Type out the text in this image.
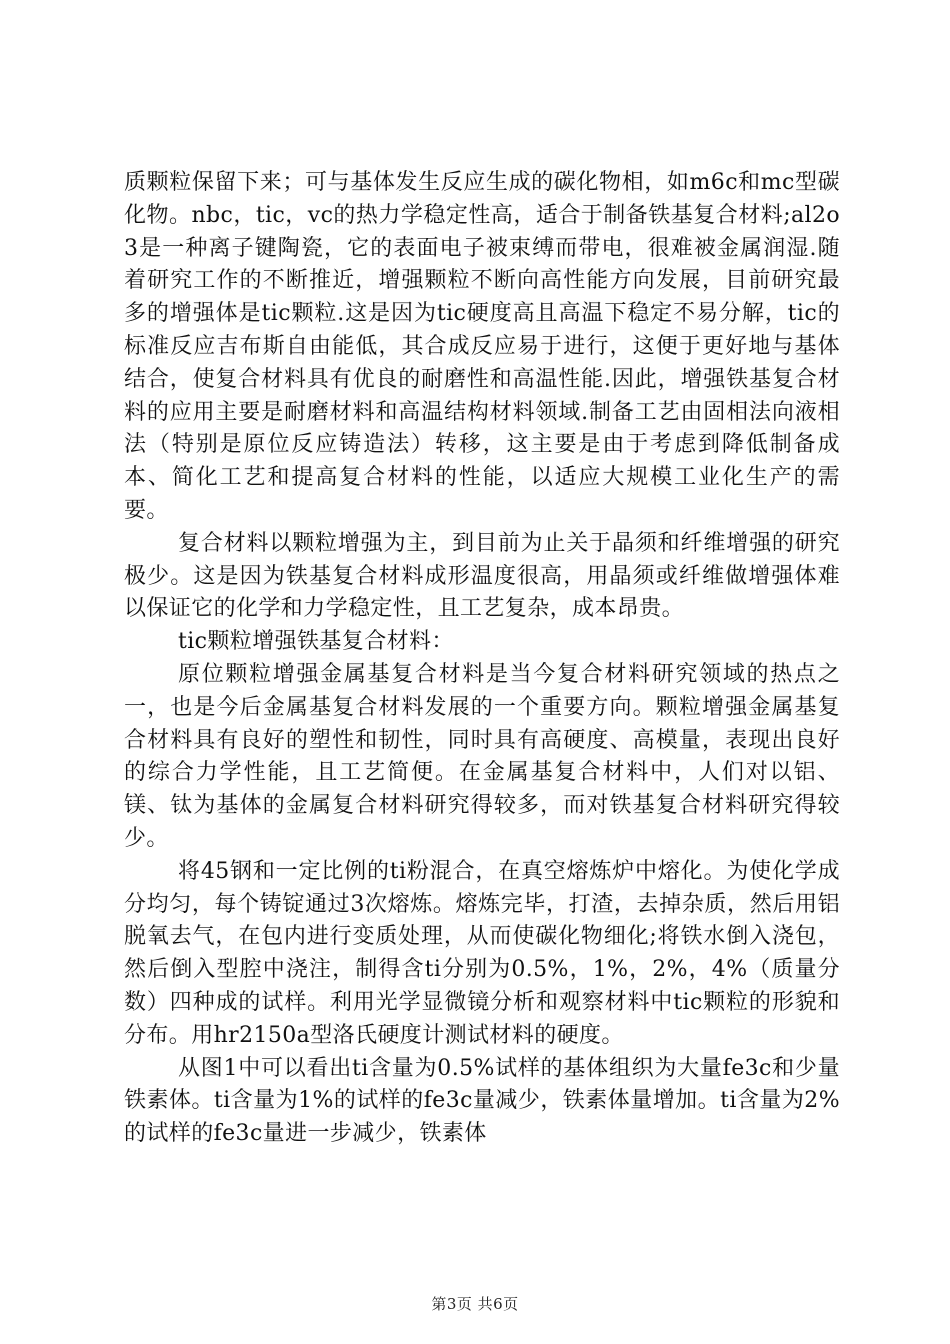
质颗粒保留下来；可与基体发生反应生成的碳化物相，如m6c和mc型碳化物。nbc，tic，vc的热力学稳定性高，适合于制备铁基复合材料;al2o3是一种离子键陶瓷，它的表面电子被束缚而带电，很难被金属润湿.随着研究工作的不断推近，增强颗粒不断向高性能方向发展，目前研究最多的增强体是tic颗粒.这是因为tic硬度高且高温下稳定不易分解，tic的标准反应吉布斯自由能低，其合成反应易于进行，这便于更好地与基体结合，使复合材料具有优良的耐磨性和高温性能.因此，增强铁基复合材料的应用主要是耐磨材料和高温结构材料领域.制备工艺由固相法向液相法（特别是原位反应铸造法）转移，这主要是由于考虑到降低制备成本、简化工艺和提高复合材料的性能，以适应大规模工业化生产的需要。

复合材料以颗粒增强为主，到目前为止关于晶须和纤维增强的研究极少。这是因为铁基复合材料成形温度很高，用晶须或纤维做增强体难以保证它的化学和力学稳定性，且工艺复杂，成本昂贵。

tic颗粒增强铁基复合材料：

原位颗粒增强金属基复合材料是当今复合材料研究领域的热点之一，也是今后金属基复合材料发展的一个重要方向。颗粒增强金属基复合材料具有良好的塑性和韧性，同时具有高硬度、高模量，表现出良好的综合力学性能，且工艺简便。在金属基复合材料中，人们对以铝、镁、钛为基体的金属复合材料研究得较多，而对铁基复合材料研究得较少。

将45钢和一定比例的ti粉混合，在真空熔炼炉中熔化。为使化学成分均匀，每个铸锭通过3次熔炼。熔炼完毕，打渣，去掉杂质，然后用铝脱氧去气，在包内进行变质处理，从而使碳化物细化;将铁水倒入浇包，然后倒入型腔中浇注，制得含ti分别为0.5%，1%，2%，4%（质量分数）四种成的试样。利用光学显微镜分析和观察材料中tic颗粒的形貌和分布。用hr2150a型洛氏硬度计测试材料的硬度。

从图1中可以看出ti含量为0.5%试样的基体组织为大量fe3c和少量铁素体。ti含量为1%的试样的fe3c量减少，铁素体量增加。ti含量为2%的试样的fe3c量进一步减少，铁素体

第3页 共6页
